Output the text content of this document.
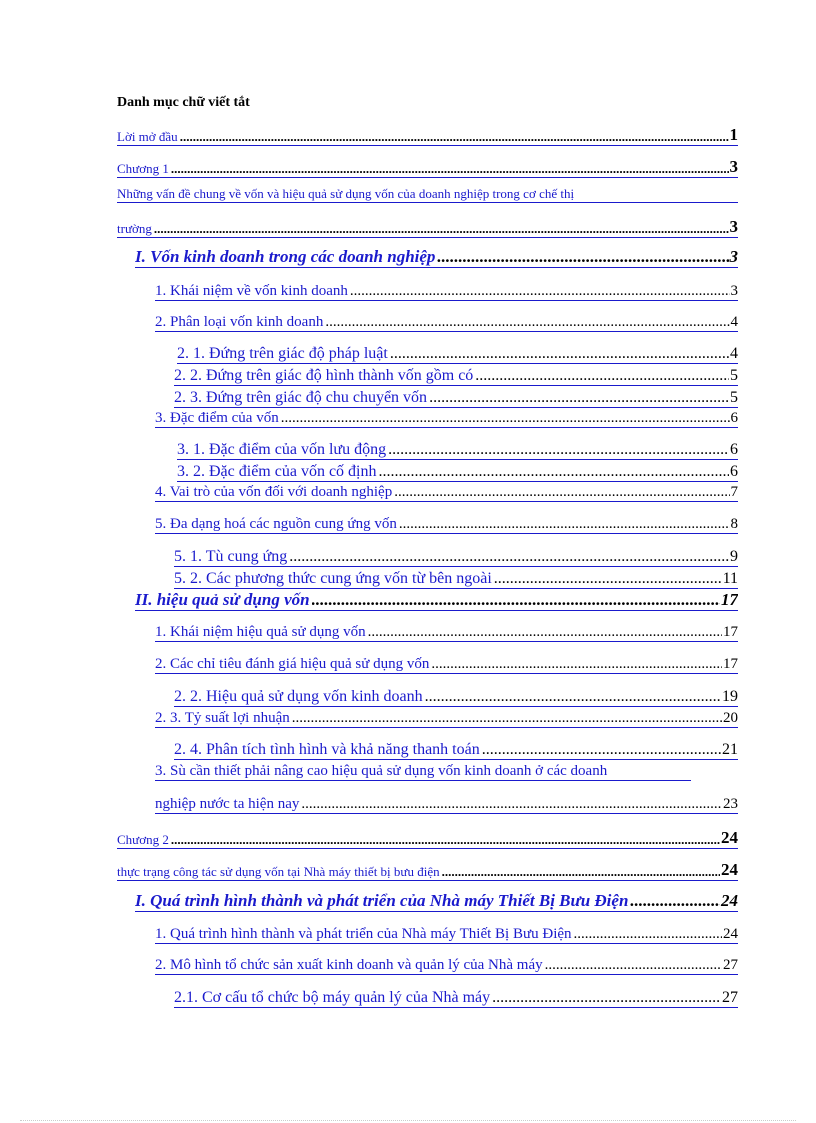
Danh mục chữ viết tắt
Lời mở đầu .....	1
Chương 1 .....	3
Những vấn đề chung về vốn và hiệu quả sử dụng vốn của doanh nghiệp trong cơ chế thị
trường .....	3
I. Vốn kinh doanh trong các doanh nghiệp .....	3
1. Khái niệm về vốn kinh doanh .....	3
2. Phân loại vốn kinh doanh .....	4
2. 1. Đứng trên giác độ pháp luật .....	4
2. 2. Đứng trên giác độ hình thành vốn gồm có .....	5
2. 3. Đứng trên giác độ chu chuyển vốn .....	5
3. Đặc điểm của vốn .....	6
3. 1. Đặc điểm của vốn lưu động .....	6
3. 2. Đặc điểm của vốn cố định .....	6
4. Vai trò của vốn đối với doanh nghiệp .....	7
5. Đa dạng hoá các nguồn cung ứng vốn .....	8
5. 1. Tù cung ứng .....	9
5. 2. Các phương thức cung ứng vốn từ bên ngoài .....	11
II. hiệu quả sử dụng vốn .....	17
1. Khái niệm hiệu quả sử dụng vốn .....	17
2. Các chỉ tiêu đánh giá hiệu quả sử dụng vốn .....	17
2. 2. Hiệu quả sử dụng vốn kinh doanh .....	19
2. 3. Tỷ suất lợi nhuận .....	20
2. 4. Phân tích tình hình và khả năng thanh toán .....	21
3. Sù cần thiết phải nâng cao hiệu quả sử dụng vốn kinh doanh ở các doanh
nghiệp nước ta hiện nay .....	23
Chương 2 .....	24
thực trạng công tác sử dụng vốn tại Nhà máy thiết bị bưu điện .....	24
I. Quá trình hình thành và phát triển của Nhà máy Thiết Bị Bưu Điện .....	24
1. Quá trình hình thành và phát triển của Nhà máy Thiết Bị Bưu Điện .....	24
2. Mô hình tổ chức sản xuất kinh doanh và quản lý của Nhà máy .....	27
2.1. Cơ cấu tổ chức bộ máy quản lý của Nhà máy .....	27
